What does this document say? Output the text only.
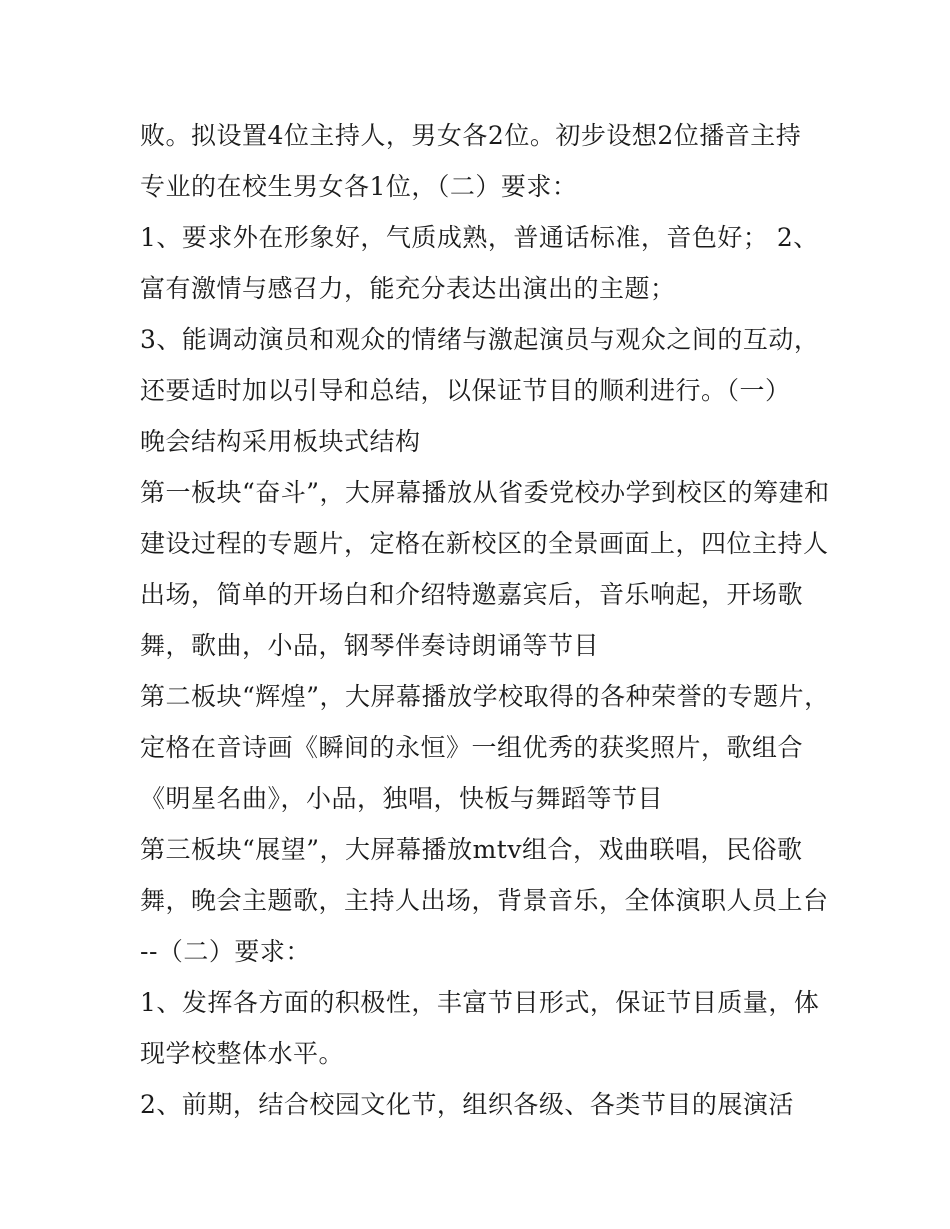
败。拟设置4位主持人，男女各2位。初步设想2位播音主持
专业的在校生男女各1位，（二）要求：
1、要求外在形象好，气质成熟，普通话标准，音色好； 2、
富有激情与感召力，能充分表达出演出的主题；
3、能调动演员和观众的情绪与激起演员与观众之间的互动，
还要适时加以引导和总结，以保证节目的顺利进行。（一）
晚会结构采用板块式结构
第一板块“奋斗”，大屏幕播放从省委党校办学到校区的筹建和
建设过程的专题片，定格在新校区的全景画面上，四位主持人
出场，简单的开场白和介绍特邀嘉宾后，音乐响起，开场歌
舞，歌曲，小品，钢琴伴奏诗朗诵等节目
第二板块“辉煌”，大屏幕播放学校取得的各种荣誉的专题片，
定格在音诗画《瞬间的永恒》一组优秀的获奖照片，歌组合
《明星名曲》，小品，独唱，快板与舞蹈等节目
第三板块“展望”，大屏幕播放mtv组合，戏曲联唱，民俗歌
舞，晚会主题歌，主持人出场，背景音乐，全体演职人员上台
--（二）要求：
1、发挥各方面的积极性，丰富节目形式，保证节目质量，体
现学校整体水平。
2、前期，结合校园文化节，组织各级、各类节目的展演活
